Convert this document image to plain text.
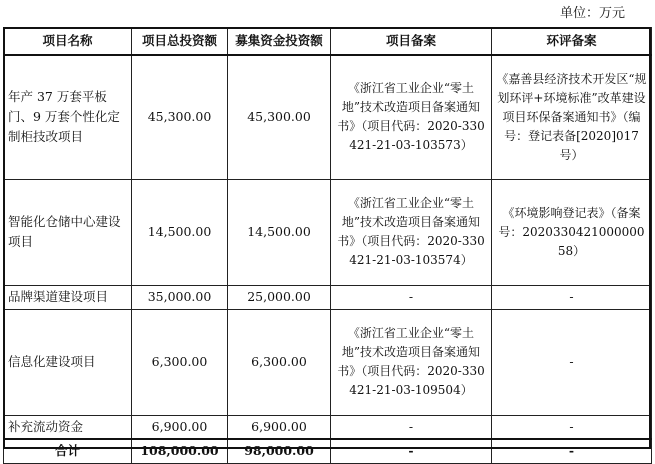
单位：万元
项目名称	项目总投资额	募集资金投资额	项目备案	环评备案
年产 37 万套平板门、9 万套个性化定制柜技改项目	45,300.00	45,300.00	《浙江省工业企业“零土地”技术改造项目备案通知书》（项目代码：2020-330421-21-03-103573）	《嘉善县经济技术开发区“规划环评+环境标准”改革建设项目环保备案通知书》（编号：登记表备[2020]017 号）
智能化仓储中心建设项目	14,500.00	14,500.00	《浙江省工业企业“零土地”技术改造项目备案通知书》（项目代码：2020-330421-21-03-103574）	《环境影响登记表》（备案号：202033042100000058）
品牌渠道建设项目	35,000.00	25,000.00	-	-
信息化建设项目	6,300.00	6,300.00	《浙江省工业企业“零土地”技术改造项目备案通知书》（项目代码：2020-330421-21-03-109504）	-
补充流动资金	6,900.00	6,900.00	-	-
合计	108,000.00	98,000.00	-	-
